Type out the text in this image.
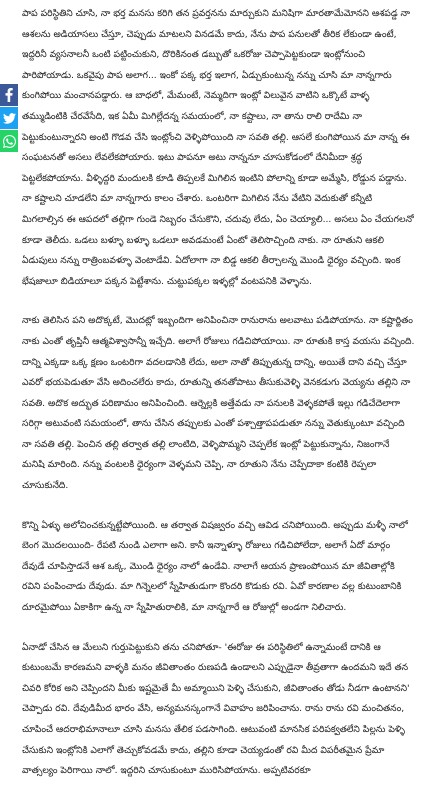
పాప పరిస్థితిని చూసి, నా భర్త మనసు కరిగి తన ప్రవర్తనను మార్చుకుని మనిషిగా మారతామేమోనని ఆశపడ్డ నా ఆశలను అడియాసలు చేస్తూ, చెప్పుడు మాటలని వినడమే కాదు, నేను పాప పనులతో తీరిక లేకుండా ఉంటే, ఇద్దరినీ వ్యసనాలనీ ఒంటి పట్టించుకుని, దొరికినంత డబ్బుతో ఒకరోజు చెప్పాపెట్టకుండా ఇంట్లోనుంచి పారిపోయాడు. ఒకవైపు పాప అలాగ... ఇంకో పక్క భర్త ఇలాగ, ఏడ్చుకుంటున్న నన్ను చూసి మా నాన్నగారు కుంగిపోయి మంచానపడ్డారు. ఆ బాధలో, మేమంటే, నెమ్మదిగా ఇంట్లో విలువైన వాటిని ఒక్కొటే వాళ్ళ తమ్ముడింటికి చేరవేసేది, ఇక ఏమీ మిగిల్లేదన్న సమయంలో, నా కష్టాలు, నా తాను రాలి రాదేమి నా పెట్టుకుంటున్నారని అంటి గొడవ చేసి ఇంట్లోంచి వెళ్ళిపోయింది నా సవతి తల్లి. ఆసలే కుంగిపోయిన మా నాన్న ఈ సంఘటనతో అసలు లేవలేకపోయారు. ఇటు పాపనూ అటు నాన్ననూ చూసుకోడంలో దేనిమీదా శ్రద్ధ పెట్టలేకపోయాను. వీళ్ళిద్దరి మందులకి కూడి తిప్పలకే మిగిలిన ఇంటిని పోలాన్ని కూడా అమ్మేసి, రోడ్డున పడ్డాను. నా కష్టాలని చూడలేని మా నాన్నగారు కాలం చేశారు. ఒంటరిగా మిగిలిన నేను వేటిని వెదుకుతో కన్నీటి మిగలాల్సిన ఈ ఆపదలో తల్లిగా గుండె నిబ్బరం చేసుకొని, చదువు లేదు, ఏం చెయ్యాలి... అసలు ఏం చేయగలనో కూడా తెలీదు. ఒడలు బళ్ళూ బళ్ళూ ఒడలూ అవడమంటే ఏంటో తెలిసొచ్చింది నాకు. నా రూతుని ఆకలి ఏడుపులు నన్ను రాత్రింబవళ్ళూ వెంటాడేవి. ఏదోలాగా నా బిడ్డ ఆకలి తీర్చాలన్న మొండి ధైర్యం వచ్చింది. ఇంక భేషజాలూ బిడియాలూ పక్కన పెట్టేశాను. చుట్టుపక్కల ఇళ్ళల్లో వంటపనికి వెళ్ళాను.

నాకు తెలిసిన పని అదొక్కటే, మొదట్లో ఇబ్బందిగా అనిపించినా రానురాను అలవాటు పడిపోయాను. నా కష్టార్జితం నాకు ఎంతో తృప్తినీ ఆత్మవిశ్వాసాన్నీ ఇచ్చేది. అలాగే రోజులు గడిచిపోయాయి. నా రూతుకి కాస్త వయసు వచ్చింది. దాన్ని ఎక్కడా ఒక్క క్షణం ఒంటరిగా వదలడానికి లేదు, అలా నాతో తిప్పుతున్న దాన్ని, అయితే దాని వచ్చి చేస్తూ ఎవరో భయపెడుతూ వేసి అదించలేరు కాదు, రూతున్ని తనతోపాటు తీసుకువెళ్ళి వెనకడుగు వెయ్యను తల్లిని నా సవతి. అదొక అద్భుత పరిణామం అనిపించింది. ఆర్నెల్లకి అత్తేవడు నా పనులకి వెళ్ళకపోతే ఇల్లు గడిచేదెలాగా సరిగ్గా అటువంటి సమయంలో, తాను చేసిన తప్పులకు ఎంతో పశ్చాత్తాపపడుతూ నన్ను వెతుక్కుంటూ వచ్చింది నా సవతి తల్లి. పెంచిన తల్లి తర్వాత తల్లి లాంటిది, వెళ్ళిపొమ్మని చెప్పలేక ఇంట్లో పెట్టుకున్నాను, నిజంగానే మనిషి మారింది. నన్ను వంటలకి ధైర్యంగా వెళ్ళమని చెప్పి, నా రూతుని నేను చెప్పేదాకా కంటికి రెప్పలా చూసుకునేది.

కొన్ని ఏళ్ళు అలోచించకున్నట్టేపోయింది. ఆ తర్వాత విషజ్వరం వచ్చి ఆవిడ చనిపోయింది. అప్పుడు మళ్ళీ నాలో బెంగ మొదలయింది- రేపటి నుండి ఎలాగా అని. కానీ ఇన్నాళ్ళూ రోజులు గడిచిపోలేదా, అలాగే ఏదో మార్గం దేవుడే చూపిస్తాడనే ఆశ ఒక్క, మొండి ధైర్యం నాలో ఉండేవి. నాలాగే ఆయన ప్రాణంపోయిన మా జీవితాల్లోకి రవిని పంపించాడు దేవుడు. మా గిన్నెలలో స్నేహితుడుగా కొందరి కొడుకు రవి. ఏవో కారణాల వల్ల కుటుంబానికి దూరమైపోయి ఏకాకిగా ఉన్న నా స్నేహితురాలికి, మా నాన్నగారే ఆ రోజుల్లో అండగా నిలిచారు.

ఏనాడో చేసిన ఆ మేలుని గుర్తుపెట్టుకుని తను చనిపోతూ- 'ఈరోజు ఈ పరిస్థితిలో ఉన్నామంటే దానికి ఆ కుటుంబమే కారణమని వాళ్ళకి మనం జీవితాంతం రుణపడి ఉండాలని ఎప్పుడైనా తీవ్రతాగా ఉందమని ఇదే తన చివరి కోరిక అని చెప్పిందని మీకు ఇష్టమైతే మీ అమ్మాయిని పెళ్ళి చేసుకుని, జీవితాంతం తోడు నీడగా ఉంటానని' చెప్పాడు రవి. దేవుడిమీద భారం వేసి, అన్యమనస్కంగానే వివాహం జరిపించాను. రాను రాను రవి మంచితనం, చూపించే ఆదరాభిమానాలూ చూసి మనసు తేలిక పడసాగింది. ఆటువంటి మానసిక పరిపక్వతలేని పిల్లను పెళ్ళి చేసుకుని ఇంట్లోనికి ఎలాగో తెచ్చుకోవడమే కాదు, తల్లిని కూడా చెయ్యడంతో రవి మీద విపరీతమైన ప్రేమా వాత్సల్యం పెరిగాయి నాలో. ఇద్దరిని చూసుకుంటూ మురిసిపోయాను. అప్పటివరకూ
